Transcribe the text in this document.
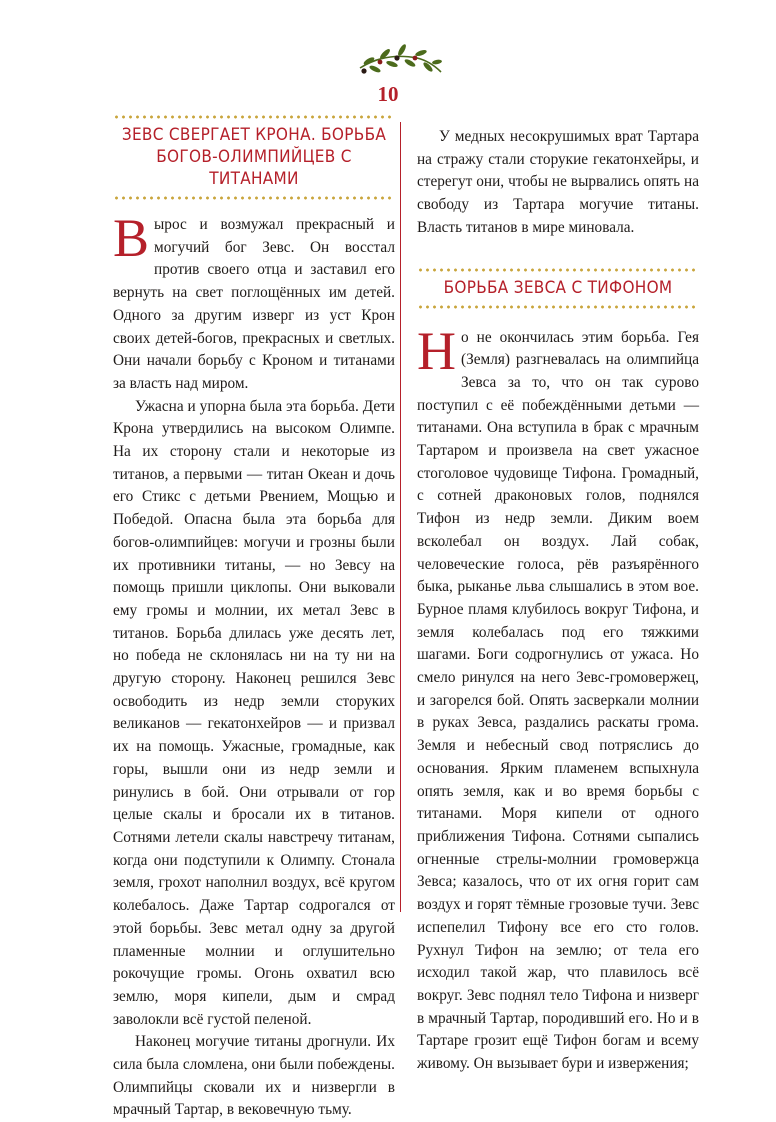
10
ЗЕВС СВЕРГАЕТ КРОНА. БОРЬБА
БОГОВ-ОЛИМПИЙЦЕВ С ТИТАНАМИ

Вырос и возмужал прекрасный и могучий бог Зевс. Он восстал против своего отца и заставил его вернуть на свет поглощённых им детей. Одного за другим изверг из уст Крон своих детей-богов, прекрасных и светлых. Они начали борьбу с Кроном и титанами за власть над миром.

Ужасна и упорна была эта борьба. Дети Крона утвердились на высоком Олимпе. На их сторону стали и некоторые из титанов, а первыми — титан Океан и дочь его Стикс с детьми Рвением, Мощью и Победой. Опасна была эта борьба для богов-олимпийцев: могучи и грозны были их противники титаны, — но Зевсу на помощь пришли циклопы. Они выковали ему громы и молнии, их метал Зевс в титанов. Борьба длилась уже десять лет, но победа не склонялась ни на ту ни на другую сторону. Наконец решился Зевс освободить из недр земли сторуких великанов — гекатонхейров — и призвал их на помощь. Ужасные, громадные, как горы, вышли они из недр земли и ринулись в бой. Они отрывали от гор целые скалы и бросали их в титанов. Сотнями летели скалы навстречу титанам, когда они подступили к Олимпу. Стонала земля, грохот наполнил воздух, всё кругом колебалось. Даже Тартар содрогался от этой борьбы. Зевс метал одну за другой пламенные молнии и оглушительно рокочущие громы. Огонь охватил всю землю, моря кипели, дым и смрад заволокли всё густой пеленой.

Наконец могучие титаны дрогнули. Их сила была сломлена, они были побеждены. Олимпийцы сковали их и низвергли в мрачный Тартар, в вековечную тьму.

У медных несокрушимых врат Тартара на стражу стали сторукие гекатонхейры, и стерегут они, чтобы не вырвались опять на свободу из Тартара могучие титаны. Власть титанов в мире миновала.

БОРЬБА ЗЕВСА С ТИФОНОМ

Но не окончилась этим борьба. Гея (Земля) разгневалась на олимпийца Зевса за то, что он так сурово поступил с её побеждёнными детьми — титанами. Она вступила в брак с мрачным Тартаром и произвела на свет ужасное стоголовое чудовище Тифона. Громадный, с сотней драконовых голов, поднялся Тифон из недр земли. Диким воем всколебал он воздух. Лай собак, человеческие голоса, рёв разъярённого быка, рыканье льва слышались в этом вое. Бурное пламя клубилось вокруг Тифона, и земля колебалась под его тяжкими шагами. Боги содрогнулись от ужаса. Но смело ринулся на него Зевс-громовержец, и загорелся бой. Опять засверкали молнии в руках Зевса, раздались раскаты грома. Земля и небесный свод потряслись до основания. Ярким пламенем вспыхнула опять земля, как и во время борьбы с титанами. Моря кипели от одного приближения Тифона. Сотнями сыпались огненные стрелы-молнии громовержца Зевса; казалось, что от их огня горит сам воздух и горят тёмные грозовые тучи. Зевс испепелил Тифону все его сто голов. Рухнул Тифон на землю; от тела его исходил такой жар, что плавилось всё вокруг. Зевс поднял тело Тифона и низверг в мрачный Тартар, породивший его. Но и в Тартаре грозит ещё Тифон богам и всему живому. Он вызывает бури и извержения;
